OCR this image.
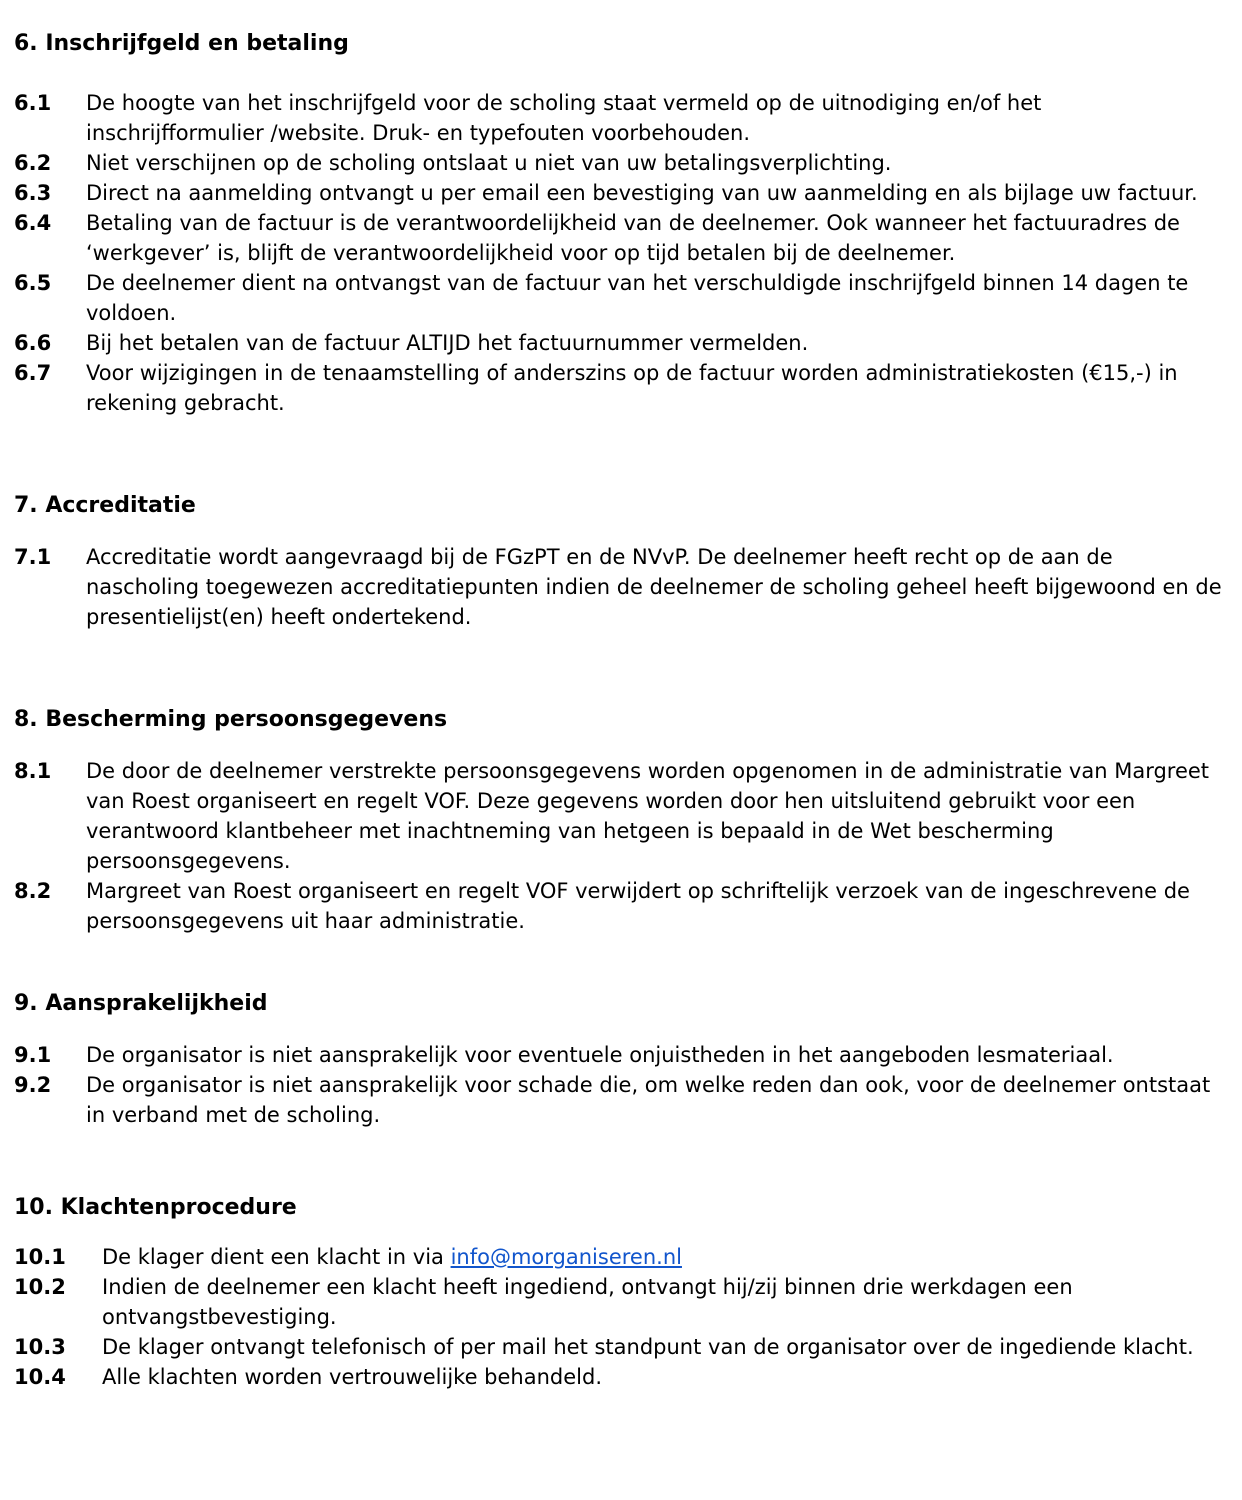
6. Inschrijfgeld en betaling
6.1	De hoogte van het inschrijfgeld voor de scholing staat vermeld op de uitnodiging en/of het inschrijfformulier /website. Druk- en typefouten voorbehouden.
6.2	Niet verschijnen op de scholing ontslaat u niet van uw betalingsverplichting.
6.3	Direct na aanmelding ontvangt u per email een bevestiging van uw aanmelding en als bijlage uw factuur.
6.4	Betaling van de factuur is de verantwoordelijkheid van de deelnemer. Ook wanneer het factuuradres de ‘werkgever’ is, blijft de verantwoordelijkheid voor op tijd betalen bij de deelnemer.
6.5	De deelnemer dient na ontvangst van de factuur van het verschuldigde inschrijfgeld binnen 14 dagen te voldoen.
6.6	Bij het betalen van de factuur ALTIJD het factuurnummer vermelden.
6.7	Voor wijzigingen in de tenaamstelling of anderszins op de factuur worden administratiekosten (€15,-) in rekening gebracht.
7. Accreditatie
7.1	Accreditatie wordt aangevraagd bij de FGzPT en de NVvP. De deelnemer heeft recht op de aan de nascholing toegewezen accreditatiepunten indien de deelnemer de scholing geheel heeft bijgewoond en de presentielijst(en) heeft ondertekend.
8. Bescherming persoonsgegevens
8.1	De door de deelnemer verstrekte persoonsgegevens worden opgenomen in de administratie van Margreet van Roest organiseert en regelt VOF. Deze gegevens worden door hen uitsluitend gebruikt voor een verantwoord klantbeheer met inachtneming van hetgeen is bepaald in de Wet bescherming persoonsgegevens.
8.2	Margreet van Roest organiseert en regelt VOF verwijdert op schriftelijk verzoek van de ingeschrevene de persoonsgegevens uit haar administratie.
9. Aansprakelijkheid
9.1	De organisator is niet aansprakelijk voor eventuele onjuistheden in het aangeboden lesmateriaal.
9.2	De organisator is niet aansprakelijk voor schade die, om welke reden dan ook, voor de deelnemer ontstaat in verband met de scholing.
10. Klachtenprocedure
10.1	De klager dient een klacht in via info@morganiseren.nl
10.2	Indien de deelnemer een klacht heeft ingediend, ontvangt hij/zij binnen drie werkdagen een ontvangstbevestiging.
10.3	De klager ontvangt telefonisch of per mail het standpunt van de organisator over de ingediende klacht.
10.4	Alle klachten worden vertrouwelijke behandeld.
